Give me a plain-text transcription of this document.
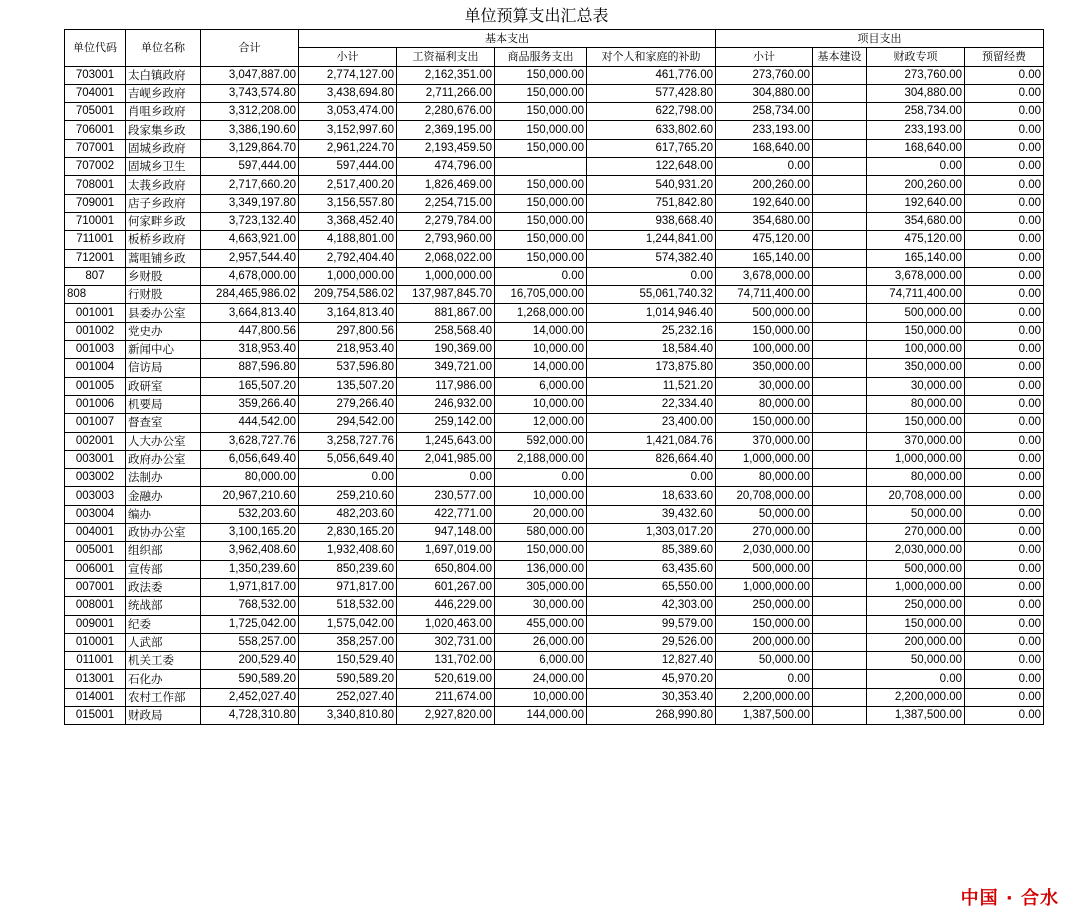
单位预算支出汇总表
单位代码	单位名称	合计	基本支出				项目支出			
			小计	工资福利支出	商品服务支出	对个人和家庭的补助	小计	基本建设	财政专项	预留经费
703001	太白镇政府	3,047,887.00	2,774,127.00	2,162,351.00	150,000.00	461,776.00	273,760.00		273,760.00	0.00
704001	吉岘乡政府	3,743,574.80	3,438,694.80	2,711,266.00	150,000.00	577,428.80	304,880.00		304,880.00	0.00
705001	肖咀乡政府	3,312,208.00	3,053,474.00	2,280,676.00	150,000.00	622,798.00	258,734.00		258,734.00	0.00
706001	段家集乡政	3,386,190.60	3,152,997.60	2,369,195.00	150,000.00	633,802.60	233,193.00		233,193.00	0.00
707001	固城乡政府	3,129,864.70	2,961,224.70	2,193,459.50	150,000.00	617,765.20	168,640.00		168,640.00	0.00
707002	固城乡卫生	597,444.00	597,444.00	474,796.00		122,648.00	0.00		0.00	0.00
708001	太莪乡政府	2,717,660.20	2,517,400.20	1,826,469.00	150,000.00	540,931.20	200,260.00		200,260.00	0.00
709001	店子乡政府	3,349,197.80	3,156,557.80	2,254,715.00	150,000.00	751,842.80	192,640.00		192,640.00	0.00
710001	何家畔乡政	3,723,132.40	3,368,452.40	2,279,784.00	150,000.00	938,668.40	354,680.00		354,680.00	0.00
711001	板桥乡政府	4,663,921.00	4,188,801.00	2,793,960.00	150,000.00	1,244,841.00	475,120.00		475,120.00	0.00
712001	蒿咀铺乡政	2,957,544.40	2,792,404.40	2,068,022.00	150,000.00	574,382.40	165,140.00		165,140.00	0.00
807	乡财股	4,678,000.00	1,000,000.00	1,000,000.00	0.00	0.00	3,678,000.00		3,678,000.00	0.00
808	行财股	284,465,986.02	209,754,586.02	137,987,845.70	16,705,000.00	55,061,740.32	74,711,400.00		74,711,400.00	0.00
001001	县委办公室	3,664,813.40	3,164,813.40	881,867.00	1,268,000.00	1,014,946.40	500,000.00		500,000.00	0.00
001002	党史办	447,800.56	297,800.56	258,568.40	14,000.00	25,232.16	150,000.00		150,000.00	0.00
001003	新闻中心	318,953.40	218,953.40	190,369.00	10,000.00	18,584.40	100,000.00		100,000.00	0.00
001004	信访局	887,596.80	537,596.80	349,721.00	14,000.00	173,875.80	350,000.00		350,000.00	0.00
001005	政研室	165,507.20	135,507.20	117,986.00	6,000.00	11,521.20	30,000.00		30,000.00	0.00
001006	机要局	359,266.40	279,266.40	246,932.00	10,000.00	22,334.40	80,000.00		80,000.00	0.00
001007	督查室	444,542.00	294,542.00	259,142.00	12,000.00	23,400.00	150,000.00		150,000.00	0.00
002001	人大办公室	3,628,727.76	3,258,727.76	1,245,643.00	592,000.00	1,421,084.76	370,000.00		370,000.00	0.00
003001	政府办公室	6,056,649.40	5,056,649.40	2,041,985.00	2,188,000.00	826,664.40	1,000,000.00		1,000,000.00	0.00
003002	法制办	80,000.00	0.00	0.00	0.00	0.00	80,000.00		80,000.00	0.00
003003	金融办	20,967,210.60	259,210.60	230,577.00	10,000.00	18,633.60	20,708,000.00		20,708,000.00	0.00
003004	编办	532,203.60	482,203.60	422,771.00	20,000.00	39,432.60	50,000.00		50,000.00	0.00
004001	政协办公室	3,100,165.20	2,830,165.20	947,148.00	580,000.00	1,303,017.20	270,000.00		270,000.00	0.00
005001	组织部	3,962,408.60	1,932,408.60	1,697,019.00	150,000.00	85,389.60	2,030,000.00		2,030,000.00	0.00
006001	宣传部	1,350,239.60	850,239.60	650,804.00	136,000.00	63,435.60	500,000.00		500,000.00	0.00
007001	政法委	1,971,817.00	971,817.00	601,267.00	305,000.00	65,550.00	1,000,000.00		1,000,000.00	0.00
008001	统战部	768,532.00	518,532.00	446,229.00	30,000.00	42,303.00	250,000.00		250,000.00	0.00
009001	纪委	1,725,042.00	1,575,042.00	1,020,463.00	455,000.00	99,579.00	150,000.00		150,000.00	0.00
010001	人武部	558,257.00	358,257.00	302,731.00	26,000.00	29,526.00	200,000.00		200,000.00	0.00
011001	机关工委	200,529.40	150,529.40	131,702.00	6,000.00	12,827.40	50,000.00		50,000.00	0.00
013001	石化办	590,589.20	590,589.20	520,619.00	24,000.00	45,970.20	0.00		0.00	0.00
014001	农村工作部	2,452,027.40	252,027.40	211,674.00	10,000.00	30,353.40	2,200,000.00		2,200,000.00	0.00
015001	财政局	4,728,310.80	3,340,810.80	2,927,820.00	144,000.00	268,990.80	1,387,500.00		1,387,500.00	0.00
中国 · 合水
